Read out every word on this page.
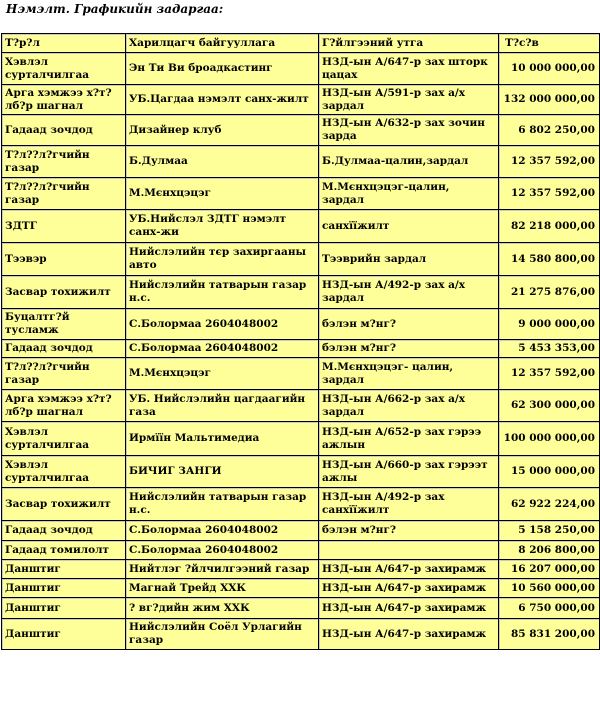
Нэмэлт. Графикийн задаргаа:
Т?р?л	Харилцагч байгууллага	Г?йлгээний утга	Т?с?в
Хэвлэл сурталчилгаа	Эн Ти Ви броадкастинг	НЗД-ын А/647-р зах шторк цацах	10 000 000,00
Арга хэмжээ х?т?лб?р шагнал	УБ.Цагдаа нэмэлт санх-жилт	НЗД-ын А/591-р зах а/х зардал	132 000 000,00
Гадаад зочдод	Дизайнер клуб	НЗД-ын А/632-р зах зочин зарда	6 802 250,00
Т?л??л?гчийн газар	Б.Дулмаа	Б.Дулмаа-цалин,зардал	12 357 592,00
Т?л??л?гчийн газар	М.Мєнхцэцэг	М.Мєнхцэцэг-цалин, зардал	12 357 592,00
ЗДТГ	УБ.Нийслэл ЗДТГ нэмэлт санх-жи	санхїїжилт	82 218 000,00
Тээвэр	Нийслэлийн тєр захиргааны авто	Тээврийн зардал	14 580 800,00
Засвар тохижилт	Нийслэлийн татварын газар н.с.	НЗД-ын А/492-р зах а/х зардал	21 275 876,00
Буцалтг?й тусламж	С.Болормаа 2604048002	бэлэн м?нг?	9 000 000,00
Гадаад зочдод	С.Болормаа 2604048002	бэлэн м?нг?	5 453 353,00
Т?л??л?гчийн газар	М.Мєнхцэцэг	М.Мєнхцэцэг- цалин, зардал	12 357 592,00
Арга хэмжээ х?т?лб?р шагнал	УБ. Нийслэлийн цагдаагийн газа	НЗД-ын А/662-р зах а/х зардал	62 300 000,00
Хэвлэл сурталчилгаа	Ирмїїн Мальтимедиа	НЗД-ын А/652-р зах гэрээ ажлын	100 000 000,00
Хэвлэл сурталчилгаа	БИЧИГ ЗАНГИ	НЗД-ын А/660-р зах гэрээт ажлы	15 000 000,00
Засвар тохижилт	Нийслэлийн татварын газар н.с.	НЗД-ын А/492-р зах санхїїжилт	62 922 224,00
Гадаад зочдод	С.Болормаа 2604048002	бэлэн м?нг?	5 158 250,00
Гадаад томилолт	С.Болормаа 2604048002		8 206 800,00
Данштиг	Нийтлэг ?йлчилгээний газар	НЗД-ын А/647-р захирамж	16 207 000,00
Данштиг	Магнай Трейд ХХК	НЗД-ын А/647-р захирамж	10 560 000,00
Данштиг	? вг?дийн жим ХХК	НЗД-ын А/647-р захирамж	6 750 000,00
Данштиг	Нийслэлийн Соёл Урлагийн газар	НЗД-ын А/647-р захирамж	85 831 200,00
